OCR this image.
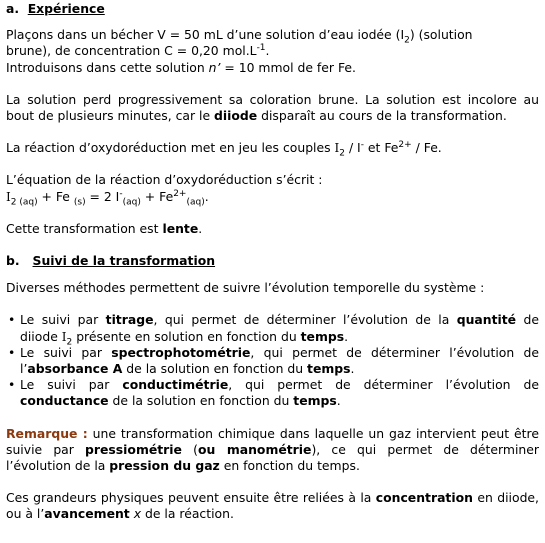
a. Expérience

Plaçons dans un bécher V = 50 mL d’une solution d’eau iodée $(I_2)$ (solution
brune), de concentration C = 0,20 $mol.L^{-1}$.
Introduisons dans cette solution n’ = 10 mmol de fer Fe.

La solution perd progressivement sa coloration brune. La solution est incolore au bout de plusieurs minutes, car le diiode disparaît au cours de la transformation.

La réaction d’oxydoréduction met en jeu les couples $I_2 / I^-$ et $Fe^{2+}$ / Fe.

L’équation de la réaction d’oxydoréduction s’écrit :
$I_{2 (aq)} + Fe$ $_{(s)}$ = 2 $I^-_{(aq)} + Fe^{2+}_{(aq)}$.

Cette transformation est lente.

b. Suivi de la transformation

Diverses méthodes permettent de suivre l’évolution temporelle du système :

• Le suivi par titrage, qui permet de déterminer l’évolution de la quantité de diiode $I_2$ présente en solution en fonction du temps.
• Le suivi par spectrophotométrie, qui permet de déterminer l’évolution de l’absorbance A de la solution en fonction du temps.
• Le suivi par conductimétrie, qui permet de déterminer l’évolution de conductance de la solution en fonction du temps.

Remarque : une transformation chimique dans laquelle un gaz intervient peut être suivie par pressiométrie (ou manométrie), ce qui permet de déterminer l’évolution de la pression du gaz en fonction du temps.

Ces grandeurs physiques peuvent ensuite être reliées à la concentration en diiode, ou à l’avancement x de la réaction.
